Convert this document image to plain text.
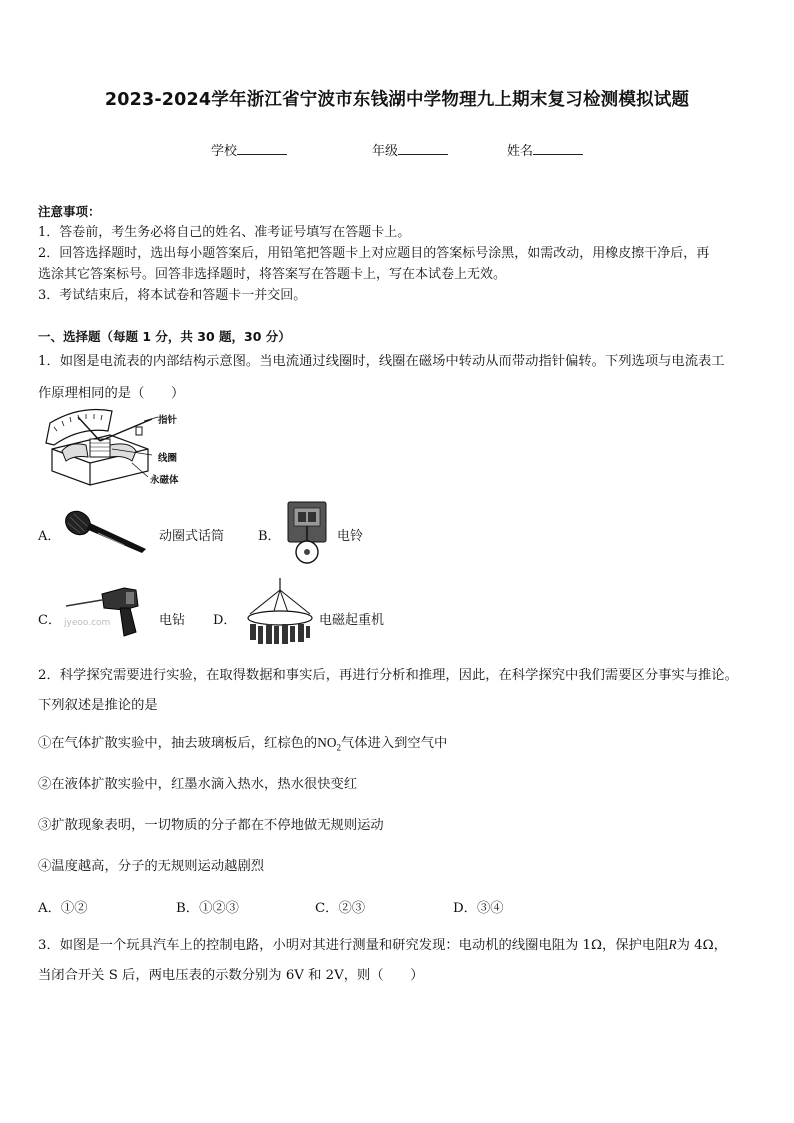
2023-2024学年浙江省宁波市东钱湖中学物理九上期末复习检测模拟试题
学校	年级	姓名
注意事项：
1．答卷前，考生务必将自己的姓名、准考证号填写在答题卡上。
2．回答选择题时，选出每小题答案后，用铅笔把答题卡上对应题目的答案标号涂黑，如需改动，用橡皮擦干净后，再
选涂其它答案标号。回答非选择题时，将答案写在答题卡上，写在本试卷上无效。
3．考试结束后，将本试卷和答题卡一并交回。
一、选择题（每题 1 分，共 30 题，30 分）
1．如图是电流表的内部结构示意图。当电流通过线圈时，线圈在磁场中转动从而带动指针偏转。下列选项与电流表工
作原理相同的是（　　）
指针
线圈
永磁体
A．	动圈式话筒	B．	电铃
C． jyeoo.com	电钻 D．	电磁起重机
2．科学探究需要进行实验，在取得数据和事实后，再进行分析和推理，因此，在科学探究中我们需要区分事实与推论。
下列叙述是推论的是
①在气体扩散实验中，抽去玻璃板后，红棕色的$NO_2$气体进入到空气中
②在液体扩散实验中，红墨水滴入热水，热水很快变红
③扩散现象表明，一切物质的分子都在不停地做无规则运动
④温度越高，分子的无规则运动越剧烈
A．①②	B．①②③	C．②③	D．③④
3．如图是一个玩具汽车上的控制电路，小明对其进行测量和研究发现：电动机的线圈电阻为 1Ω，保护电阻R为 4Ω，
当闭合开关 S 后，两电压表的示数分别为 6V 和 2V，则（　　）
